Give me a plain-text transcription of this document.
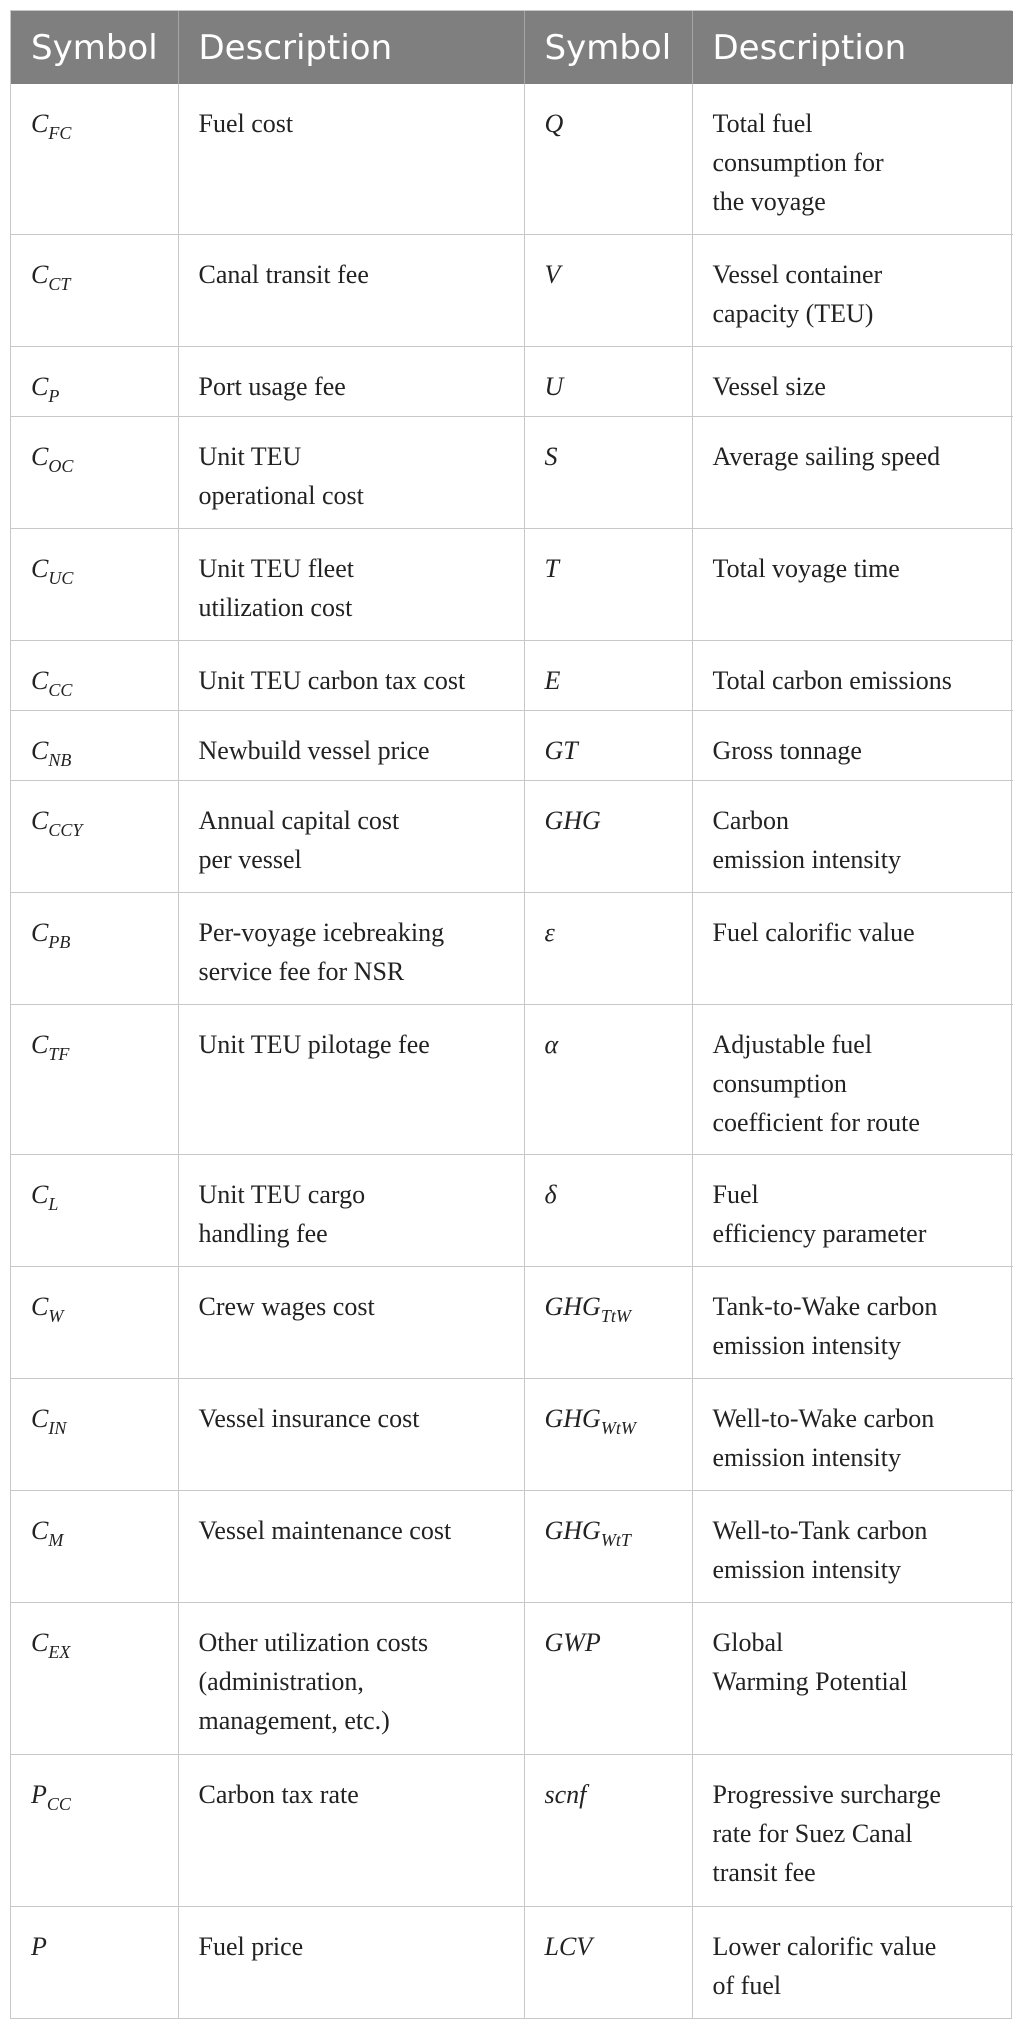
Symbol	Description	Symbol	Description
$C_{FC}$	Fuel cost	Q	Total fuel
consumption for
the voyage

$C_{CT}$	Canal transit fee	V	Vessel container
capacity (TEU)

$C_P$	Port usage fee	U	Vessel size

$C_{OC}$	Unit TEU
operational cost	S	Average sailing speed

$C_{UC}$	Unit TEU fleet
utilization cost	T	Total voyage time

$C_{CC}$	Unit TEU carbon tax cost	E	Total carbon emissions

$C_{NB}$	Newbuild vessel price	GT	Gross tonnage

$C_{CCY}$	Annual capital cost
per vessel	GHG	Carbon
emission intensity

$C_{PB}$	Per-voyage icebreaking
service fee for NSR	ε	Fuel calorific value

$C_{TF}$	Unit TEU pilotage fee	α	Adjustable fuel
consumption
coefficient for route

$C_L$	Unit TEU cargo
handling fee	δ	Fuel
efficiency parameter

$C_W$	Crew wages cost	$GHG_{TtW}$	Tank-to-Wake carbon
emission intensity

$C_{IN}$	Vessel insurance cost	$GHG_{WtW}$	Well-to-Wake carbon
emission intensity

$C_M$	Vessel maintenance cost	$GHG_{WtT}$	Well-to-Tank carbon
emission intensity

$C_{EX}$	Other utilization costs
(administration,
management, etc.)	GWP	Global
Warming Potential

$P_{CC}$	Carbon tax rate	scnf	Progressive surcharge
rate for Suez Canal
transit fee

P	Fuel price	LCV	Lower calorific value
of fuel
